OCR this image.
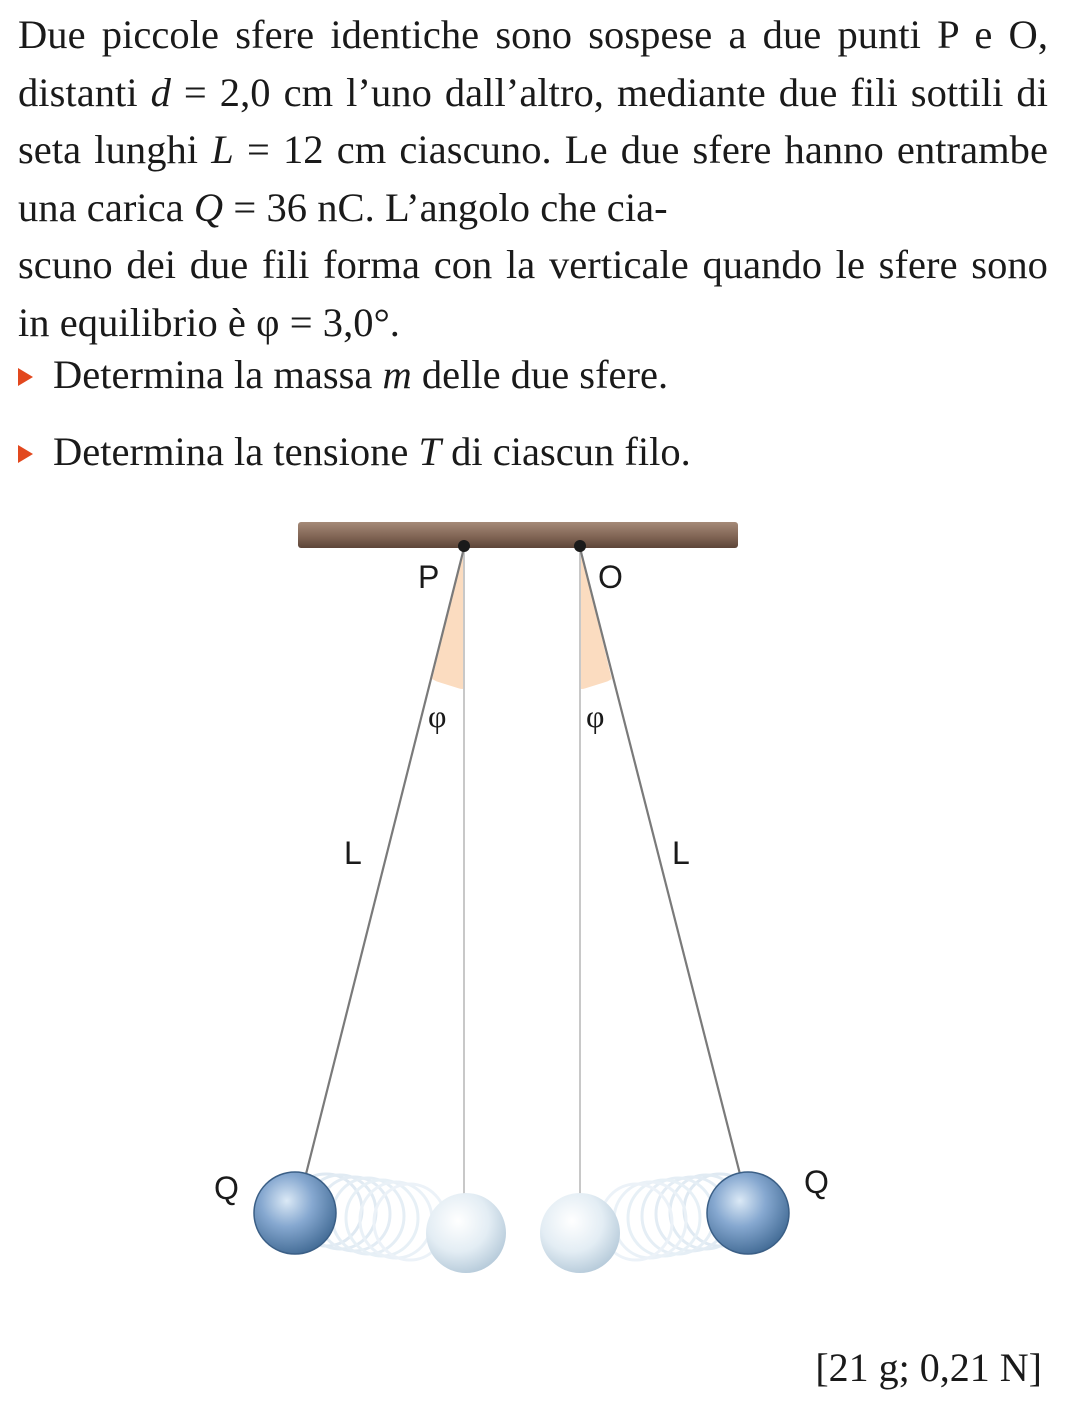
Due piccole sfere identiche sono sospese a due punti P e O, distanti d = 2,0 cm l’uno dall’altro, mediante due fili sottili di seta lunghi L = 12 cm ciascuno. Le due sfere hanno entrambe una carica Q = 36 nC. L’angolo che cia-
scuno dei due fili forma con la verticale quando le sfere sono in equilibrio è φ = 3,0°.
Determina la massa m delle due sfere.
Determina la tensione T di ciascun filo.
P	O
φ	φ
L	L
Q	Q
[21 g; 0,21 N]
